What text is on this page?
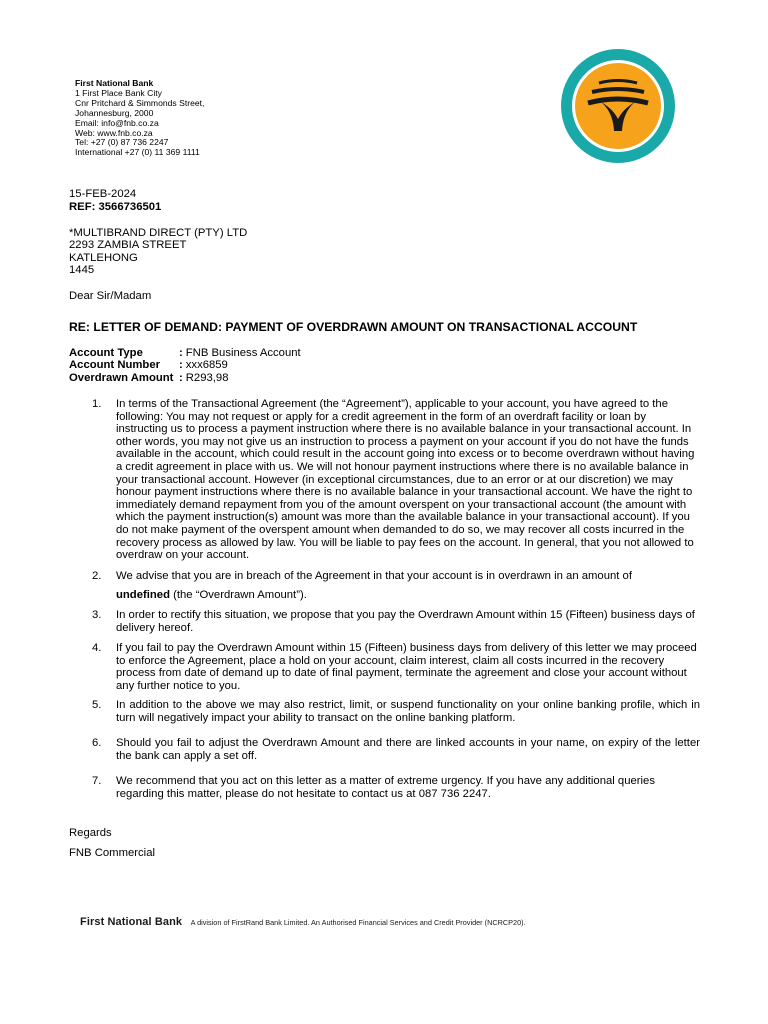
First National Bank
1 First Place Bank City
Cnr Pritchard & Simmonds Street,
Johannesburg, 2000
Email: info@fnb.co.za
Web: www.fnb.co.za
Tel: +27 (0) 87 736 2247
International +27 (0) 11 369 1111
15-FEB-2024
REF: 3566736501
*MULTIBRAND DIRECT (PTY) LTD
2293 ZAMBIA STREET
KATLEHONG
1445
Dear Sir/Madam
RE: LETTER OF DEMAND: PAYMENT OF OVERDRAWN AMOUNT ON TRANSACTIONAL ACCOUNT
Account Type	: FNB Business Account
Account Number	: xxx6859
Overdrawn Amount : R293,98
1. In terms of the Transactional Agreement (the “Agreement”), applicable to your account, you have agreed to the following: You may not request or apply for a credit agreement in the form of an overdraft facility or loan by instructing us to process a payment instruction where there is no available balance in your transactional account. In other words, you may not give us an instruction to process a payment on your account if you do not have the funds available in the account, which could result in the account going into excess or to become overdrawn without having a credit agreement in place with us. We will not honour payment instructions where there is no available balance in your transactional account. However (in exceptional circumstances, due to an error or at our discretion) we may honour payment instructions where there is no available balance in your transactional account. We have the right to immediately demand repayment from you of the amount overspent on your transactional account (the amount with which the payment instruction(s) amount was more than the available balance in your transactional account). If you do not make payment of the overspent amount when demanded to do so, we may recover all costs incurred in the recovery process as allowed by law. You will be liable to pay fees on the account. In general, that you not allowed to overdraw on your account.
2. We advise that you are in breach of the Agreement in that your account is in overdrawn in an amount of
undefined (the “Overdrawn Amount”).
3. In order to rectify this situation, we propose that you pay the Overdrawn Amount within 15 (Fifteen) business days of delivery hereof.
4. If you fail to pay the Overdrawn Amount within 15 (Fifteen) business days from delivery of this letter we may proceed to enforce the Agreement, place a hold on your account, claim interest, claim all costs incurred in the recovery process from date of demand up to date of final payment, terminate the agreement and close your account without any further notice to you.
5. In addition to the above we may also restrict, limit, or suspend functionality on your online banking profile, which in turn will negatively impact your ability to transact on the online banking platform.
6. Should you fail to adjust the Overdrawn Amount and there are linked accounts in your name, on expiry of the letter the bank can apply a set off.
7. We recommend that you act on this letter as a matter of extreme urgency. If you have any additional queries regarding this matter, please do not hesitate to contact us at 087 736 2247.
Regards
FNB Commercial
First National Bank A division of FirstRand Bank Limited. An Authorised Financial Services and Credit Provider (NCRCP20).
